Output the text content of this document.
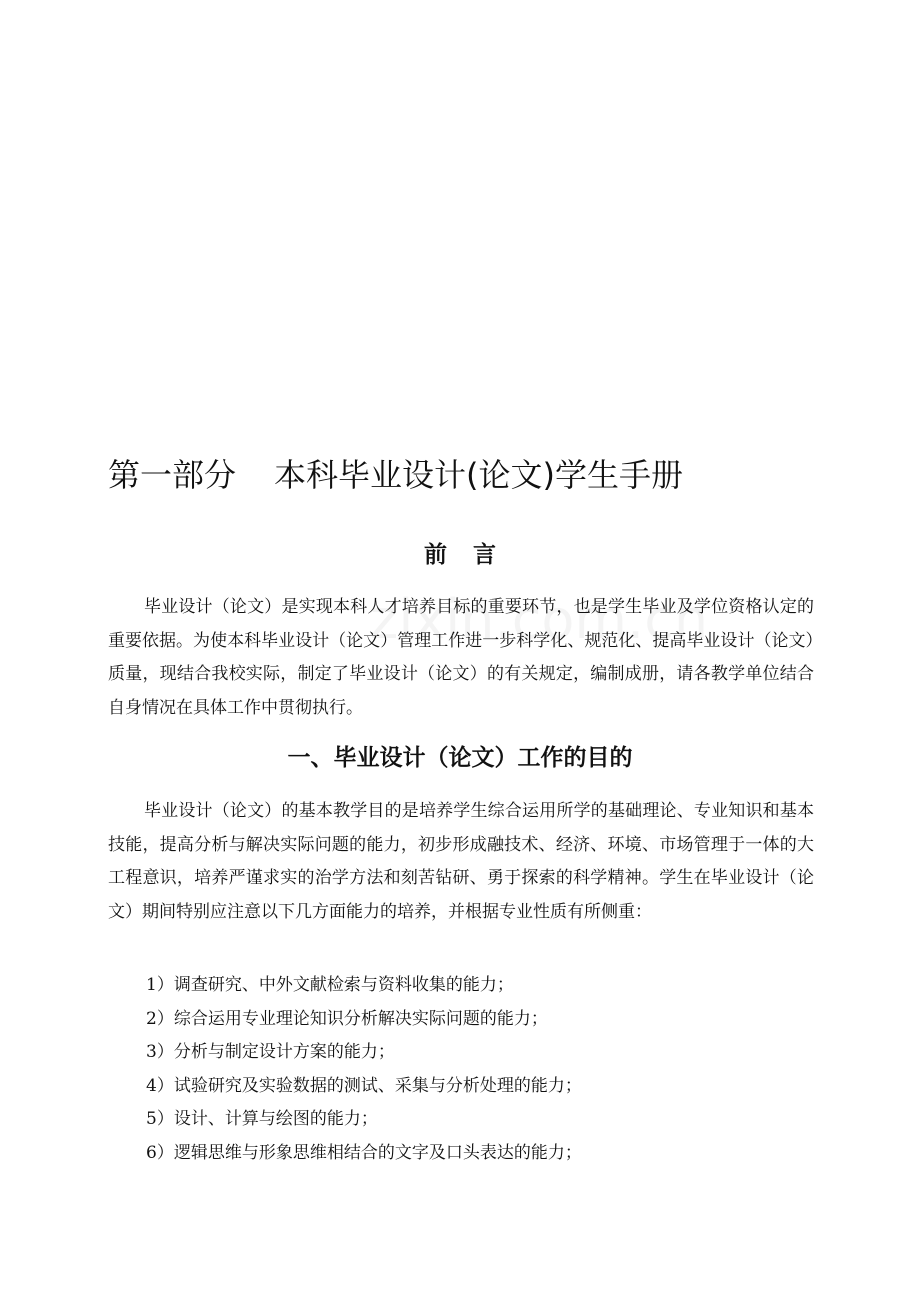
第一部分 本科毕业设计(论文)学生手册
前言

毕业设计（论文）是实现本科人才培养目标的重要环节，也是学生毕业及学位资格认定的重要依据。为使本科毕业设计（论文）管理工作进一步科学化、规范化、提高毕业设计（论文）质量，现结合我校实际，制定了毕业设计（论文）的有关规定，编制成册，请各教学单位结合自身情况在具体工作中贯彻执行。

一、毕业设计（论文）工作的目的

毕业设计（论文）的基本教学目的是培养学生综合运用所学的基础理论、专业知识和基本技能，提高分析与解决实际问题的能力，初步形成融技术、经济、环境、市场管理于一体的大工程意识，培养严谨求实的治学方法和刻苦钻研、勇于探索的科学精神。学生在毕业设计（论文）期间特别应注意以下几方面能力的培养，并根据专业性质有所侧重：

1）调查研究、中外文献检索与资料收集的能力；
2）综合运用专业理论知识分析解决实际问题的能力；
3）分析与制定设计方案的能力；
4）试验研究及实验数据的测试、采集与分析处理的能力；
5）设计、计算与绘图的能力；
6）逻辑思维与形象思维相结合的文字及口头表达的能力；
